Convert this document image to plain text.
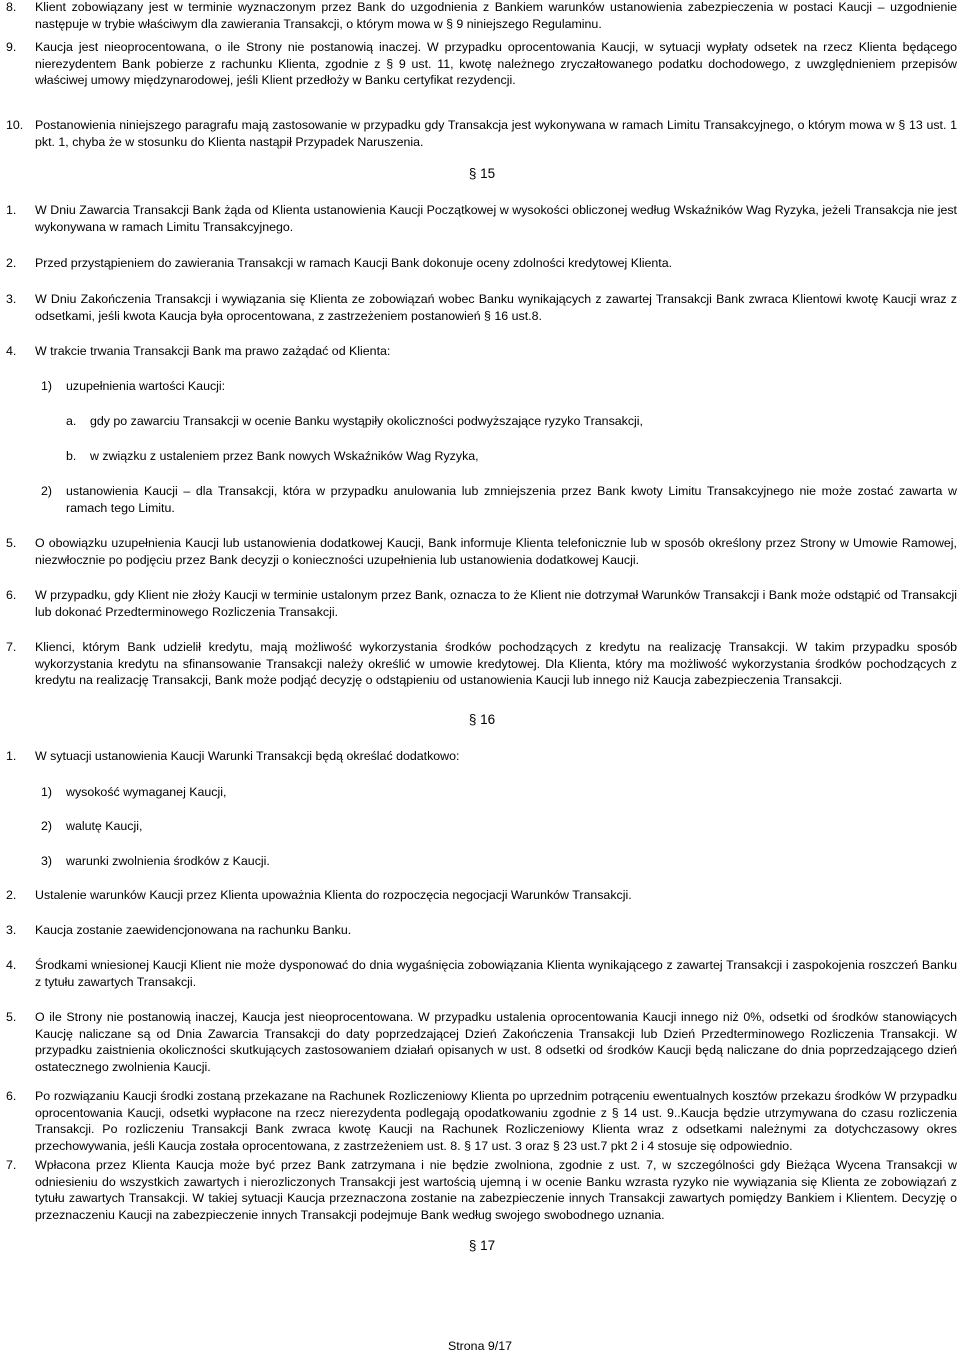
8. Klient zobowiązany jest w terminie wyznaczonym przez Bank do uzgodnienia z Bankiem warunków ustanowienia zabezpieczenia w postaci Kaucji – uzgodnienie następuje w trybie właściwym dla zawierania Transakcji, o którym mowa w § 9 niniejszego Regulaminu.
9. Kaucja jest nieoprocentowana, o ile Strony nie postanowią inaczej. W przypadku oprocentowania Kaucji, w sytuacji wypłaty odsetek na rzecz Klienta będącego nierezydentem Bank pobierze z rachunku Klienta, zgodnie z § 9 ust. 11, kwotę należnego zryczałtowanego podatku dochodowego, z uwzględnieniem przepisów właściwej umowy międzynarodowej, jeśli Klient przedłoży w Banku certyfikat rezydencji.
10. Postanowienia niniejszego paragrafu mają zastosowanie w przypadku gdy Transakcja jest wykonywana w ramach Limitu Transakcyjnego, o którym mowa w § 13 ust. 1 pkt. 1, chyba że w stosunku do Klienta nastąpił Przypadek Naruszenia.
§ 15
1. W Dniu Zawarcia Transakcji Bank żąda od Klienta ustanowienia Kaucji Początkowej w wysokości obliczonej według Wskaźników Wag Ryzyka, jeżeli Transakcja nie jest wykonywana w ramach Limitu Transakcyjnego.
2. Przed przystąpieniem do zawierania Transakcji w ramach Kaucji Bank dokonuje oceny zdolności kredytowej Klienta.
3. W Dniu Zakończenia Transakcji i wywiązania się Klienta ze zobowiązań wobec Banku wynikających z zawartej Transakcji Bank zwraca Klientowi kwotę Kaucji wraz z odsetkami, jeśli kwota Kaucja była oprocentowana, z zastrzeżeniem postanowień § 16 ust.8.
4. W trakcie trwania Transakcji Bank ma prawo zażądać od Klienta:
1) uzupełnienia wartości Kaucji:
a. gdy po zawarciu Transakcji w ocenie Banku wystąpiły okoliczności podwyższające ryzyko Transakcji,
b. w związku z ustaleniem przez Bank nowych Wskaźników Wag Ryzyka,
2) ustanowienia Kaucji – dla Transakcji, która w przypadku anulowania lub zmniejszenia przez Bank kwoty Limitu Transakcyjnego nie może zostać zawarta w ramach tego Limitu.
5. O obowiązku uzupełnienia Kaucji lub ustanowienia dodatkowej Kaucji, Bank informuje Klienta telefonicznie lub w sposób określony przez Strony w Umowie Ramowej, niezwłocznie po podjęciu przez Bank decyzji o konieczności uzupełnienia lub ustanowienia dodatkowej Kaucji.
6. W przypadku, gdy Klient nie złoży Kaucji w terminie ustalonym przez Bank, oznacza to że Klient nie dotrzymał Warunków Transakcji i Bank może odstąpić od Transakcji lub dokonać Przedterminowego Rozliczenia Transakcji.
7. Klienci, którym Bank udzielił kredytu, mają możliwość wykorzystania środków pochodzących z kredytu na realizację Transakcji. W takim przypadku sposób wykorzystania kredytu na sfinansowanie Transakcji należy określić w umowie kredytowej. Dla Klienta, który ma możliwość wykorzystania środków pochodzących z kredytu na realizację Transakcji, Bank może podjąć decyzję o odstąpieniu od ustanowienia Kaucji lub innego niż Kaucja zabezpieczenia Transakcji.
§ 16
1. W sytuacji ustanowienia Kaucji Warunki Transakcji będą określać dodatkowo:
1) wysokość wymaganej Kaucji,
2) walutę Kaucji,
3) warunki zwolnienia środków z Kaucji.
2. Ustalenie warunków Kaucji przez Klienta upoważnia Klienta do rozpoczęcia negocjacji Warunków Transakcji.
3. Kaucja zostanie zaewidencjonowana na rachunku Banku.
4. Środkami wniesionej Kaucji Klient nie może dysponować do dnia wygaśnięcia zobowiązania Klienta wynikającego z zawartej Transakcji i zaspokojenia roszczeń Banku z tytułu zawartych Transakcji.
5. O ile Strony nie postanowią inaczej, Kaucja jest nieoprocentowana. W przypadku ustalenia oprocentowania Kaucji innego niż 0%, odsetki od środków stanowiących Kaucję naliczane są od Dnia Zawarcia Transakcji do daty poprzedzającej Dzień Zakończenia Transakcji lub Dzień Przedterminowego Rozliczenia Transakcji. W przypadku zaistnienia okoliczności skutkujących zastosowaniem działań opisanych w ust. 8 odsetki od środków Kaucji będą naliczane do dnia poprzedzającego dzień ostatecznego zwolnienia Kaucji.
6. Po rozwiązaniu Kaucji środki zostaną przekazane na Rachunek Rozliczeniowy Klienta po uprzednim potrąceniu ewentualnych kosztów przekazu środków W przypadku oprocentowania Kaucji, odsetki wypłacone na rzecz nierezydenta podlegają opodatkowaniu zgodnie z § 14 ust. 9..Kaucja będzie utrzymywana do czasu rozliczenia Transakcji. Po rozliczeniu Transakcji Bank zwraca kwotę Kaucji na Rachunek Rozliczeniowy Klienta wraz z odsetkami należnymi za dotychczasowy okres przechowywania, jeśli Kaucja została oprocentowana, z zastrzeżeniem ust. 8. § 17 ust. 3 oraz § 23 ust.7 pkt 2 i 4 stosuje się odpowiednio.
7. Wpłacona przez Klienta Kaucja może być przez Bank zatrzymana i nie będzie zwolniona, zgodnie z ust. 7, w szczególności gdy Bieżąca Wycena Transakcji w odniesieniu do wszystkich zawartych i nierozliczonych Transakcji jest wartością ujemną i w ocenie Banku wzrasta ryzyko nie wywiązania się Klienta ze zobowiązań z tytułu zawartych Transakcji. W takiej sytuacji Kaucja przeznaczona zostanie na zabezpieczenie innych Transakcji zawartych pomiędzy Bankiem i Klientem. Decyzję o przeznaczeniu Kaucji na zabezpieczenie innych Transakcji podejmuje Bank według swojego swobodnego uznania.
§ 17
Strona 9/17
